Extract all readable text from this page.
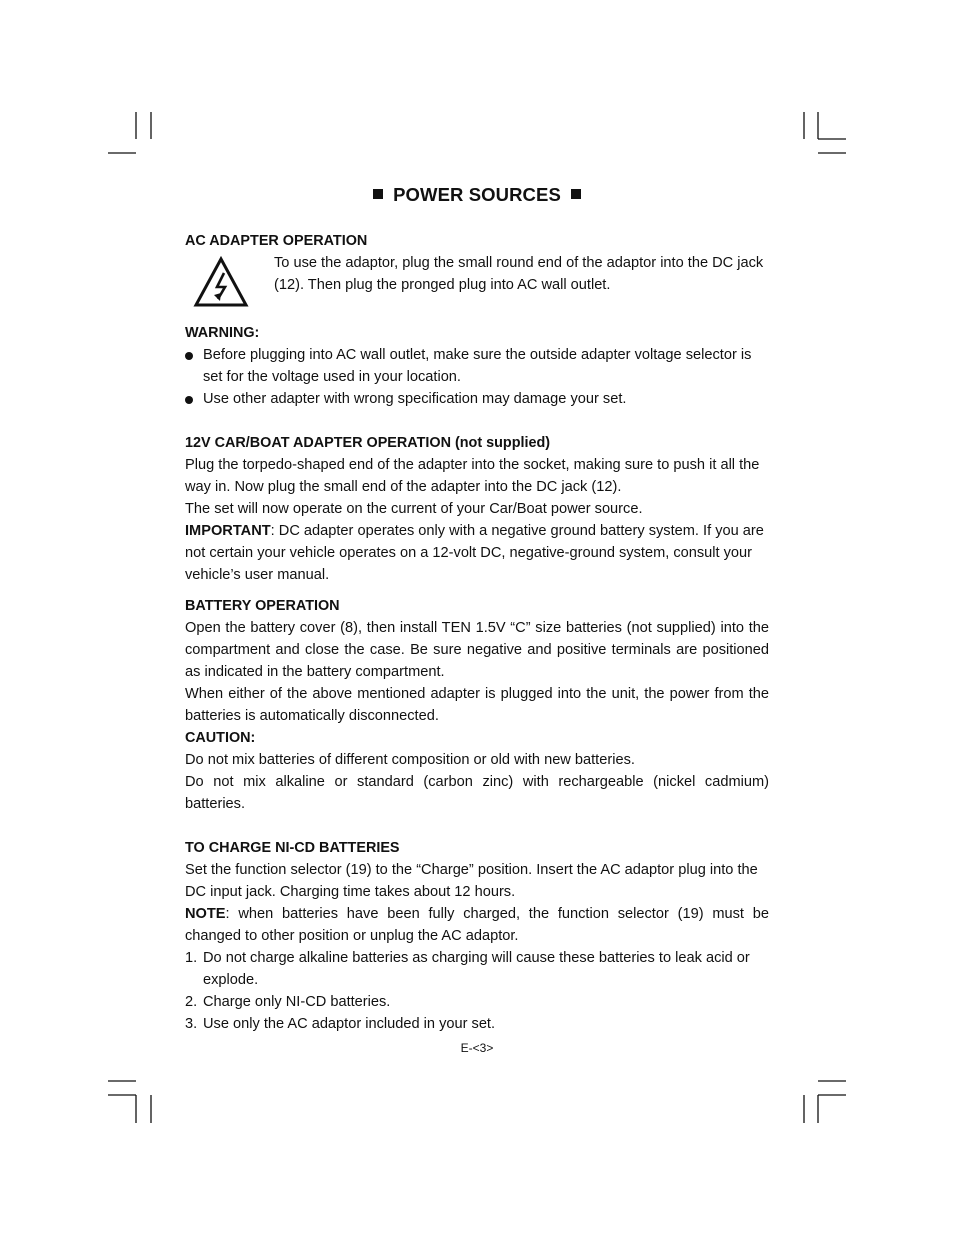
POWER SOURCES

AC ADAPTER OPERATION

To use the adaptor, plug the small round end of the adaptor into the DC jack (12). Then plug the pronged plug into AC wall outlet.

WARNING:

Before plugging into AC wall outlet, make sure the outside adapter voltage selector is set for the voltage used in your location.
Use other adapter with wrong specification may damage your set.

12V CAR/BOAT ADAPTER OPERATION (not supplied)

Plug the torpedo-shaped end of the adapter into the socket, making sure to push it all the way in. Now plug the small end of the adapter into the DC jack (12).

The set will now operate on the current of your Car/Boat power source.

IMPORTANT: DC adapter operates only with a negative ground battery system. If you are not certain your vehicle operates on a 12-volt DC, negative-ground system, consult your vehicle’s user manual.

BATTERY OPERATION

Open the battery cover (8), then install TEN 1.5V “C” size batteries (not supplied) into the compartment and close the case. Be sure negative and positive terminals are positioned as indicated in the battery compartment.

When either of the above mentioned adapter is plugged into the unit, the power from the batteries is automatically disconnected.

CAUTION:

Do not mix batteries of different composition or old with new batteries.

Do not mix alkaline or standard (carbon zinc) with rechargeable (nickel cadmium) batteries.

TO CHARGE NI-CD BATTERIES

Set the function selector (19) to the “Charge” position. Insert the AC adaptor plug into the DC input jack. Charging time takes about 12 hours.

NOTE: when batteries have been fully charged, the function selector (19) must be changed to other position or unplug the AC adaptor.

1. Do not charge alkaline batteries as charging will cause these batteries to leak acid or explode.
2. Charge only NI-CD batteries.
3. Use only the AC adaptor included in your set.
E-<3>
